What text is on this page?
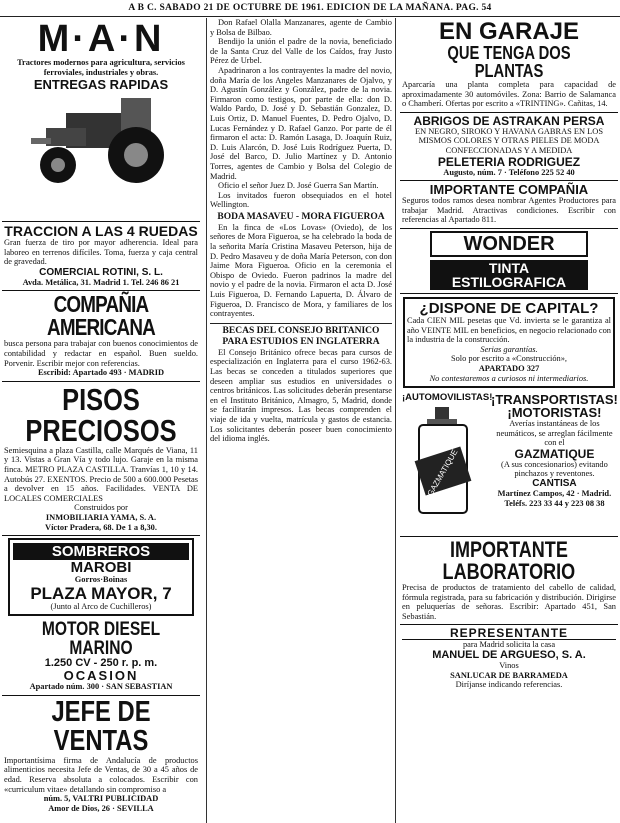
A B C. SABADO 21 DE OCTUBRE DE 1961. EDICION DE LA MAÑANA. PAG. 54
M·A·N
Tractores modernos para agricultura, servicios ferroviales, industriales y obras.
ENTREGAS RAPIDAS
TRACCION A LAS 4 RUEDAS
Gran fuerza de tiro por mayor adherencia. Ideal para laboreo en terrenos difíciles. Toma, fuerza y caja central de gravedad.
COMERCIAL ROTINI, S. L.
Avda. Metálica, 31. Madrid 1. Tel. 246 86 21
COMPAÑIA AMERICANA
busca persona para trabajar con buenos conocimientos de contabilidad y redactar en español. Buen sueldo. Porvenir. Escribir mejor con referencias.
Escribid: Apartado 493 · MADRID
PISOS PRECIOSOS
Semiesquina a plaza Castilla, calle Marqués de Viana, 11 y 13. Vistas a Gran Vía y todo lujo. Garaje en la misma finca. METRO PLAZA CASTILLA. Tranvías 1, 10 y 14. Autobús 27. EXENTOS. Precio de 500 a 600.000 Pesetas a devolver en 15 años. Facilidades. VENTA DE LOCALES COMERCIALES
Construidos por
INMOBILIARIA YAMA, S. A.
Víctor Pradera, 68. De 1 a 8,30.
SOMBREROS
MAROBI
Gorros·Boinas
PLAZA MAYOR, 7
(Junto al Arco de Cuchilleros)
MOTOR DIESEL MARINO
1.250 CV - 250 r. p. m.
OCASION
Apartado núm. 300 · SAN SEBASTIAN
JEFE DE VENTAS
Importantísima firma de Andalucía de productos alimenticios necesita Jefe de Ventas, de 30 a 45 años de edad. Reserva absoluta a colocados. Escribir con «curriculum vitae» detallando sin compromiso a
núm. 5, VALTRI PUBLICIDAD
Amor de Dios, 26 · SEVILLA

Don Rafael Olalla Manzanares, agente de Cambio y Bolsa de Bilbao.

Bendijo la unión el padre de la novia, beneficiado de la Santa Cruz del Valle de los Caídos, fray Justo Pérez de Urbel.

Apadrinaron a los contrayentes la madre del novio, doña María de los Angeles Manzanares de Ojalvo, y D. Agustín González y González, padre de la novia. Firmaron como testigos, por parte de ella: don D. Waldo Pardo, D. José y D. Sebastián Gonzalez, D. Luis Ortiz, D. Manuel Fuentes, D. Pedro Ojalvo, D. Lucas Fernández y D. Rafael Ganzo. Por parte de él firmaron el acta: D. Ramón Lasaga, D. Joaquín Ruiz, D. Luis Alarcón, D. José Luis Rodríguez Puerta, D. José del Barco, D. Julio Martínez y D. Antonio Torres, agentes de Cambio y Bolsa del Colegio de Madrid.

Oficio el señor Juez D. José Guerra San Martín.

Los invitados fueron obsequiados en el hotel Wellington.

BODA MASAVEU - MORA FIGUEROA

En la finca de «Los Lovas» (Oviedo), de los señores de Mora Figueroa, se ha celebrado la boda de la señorita María Cristina Masaveu Peterson, hija de D. Pedro Masaveu y de doña María Peterson, con don Jaime Mora Figueroa. Oficio en la ceremonia el Obispo de Oviedo. Fueron padrinos la madre del novio y el padre de la novia. Firmaron el acta D. José Luis Figueroa, D. Fernando Lapuerta, D. Álvaro de Figueroa, D. Francisco de Mora, y familiares de los contrayentes.

BECAS DEL CONSEJO BRITANICO PARA ESTUDIOS EN INGLATERRA

El Consejo Británico ofrece becas para cursos de especialización en Inglaterra para el curso 1962-63. Las becas se conceden a titulados superiores que deseen ampliar sus estudios en universidades o centros británicos. Las solicitudes deberán presentarse en el Instituto Británico, Almagro, 5, Madrid, donde se facilitarán impresos. Las becas comprenden el viaje de ida y vuelta, matrícula y gastos de estancia. Los solicitantes deberán poseer buen conocimiento del idioma inglés.

EN GARAJE
QUE TENGA DOS PLANTAS
Aparcaría una planta completa para capacidad de aproximadamente 30 automóviles. Zona: Barrio de Salamanca o Chamberí. Ofertas por escrito a «TRINTING». Cañitas, 14.
ABRIGOS DE ASTRAKAN PERSA
EN NEGRO, SIROKO Y HAVANA GABRAS EN LOS MISMOS COLORES Y OTRAS PIELES DE MODA CONFECCIONADAS Y A MEDIDA
PELETERIA RODRIGUEZ
Augusto, núm. 7 · Teléfono 225 52 40
IMPORTANTE COMPAÑIA
Seguros todos ramos desea nombrar Agentes Productores para trabajar Madrid. Atractivas condiciones. Escribir con referencias al Apartado 811.
WONDER
TINTA ESTILOGRAFICA
¿DISPONE DE CAPITAL?
Cada CIEN MIL pesetas que Vd. invierta se le garantiza al año VEINTE MIL en beneficios, en negocio relacionado con la industria de la construcción.
Serias garantías.
Solo por escrito a «Construcción»,
APARTADO 327
No contestaremos a curiosos ni intermediarios.
¡AUTOMOVILISTAS!
GAZMATIQUE
¡TRANSPORTISTAS!
¡MOTORISTAS!
Averías instantáneas de los neumáticos, se arreglan fácilmente con el
GAZMATIQUE
(A sus concesionarios) evitando pinchazos y reventones.
CANTISA
Martínez Campos, 42 · Madrid. Teléfs. 223 33 44 y 223 08 38
IMPORTANTE
LABORATORIO
Precisa de productos de tratamiento del cabello de calidad, fórmula registrada, para su fabricación y distribución. Dirigirse en peluquerías de señoras. Escribir: Apartado 451, San Sebastián.
REPRESENTANTE
para Madrid solicita la casa
MANUEL DE ARGUESO, S. A.
Vinos
SANLUCAR DE BARRAMEDA
Diríjanse indicando referencias.
